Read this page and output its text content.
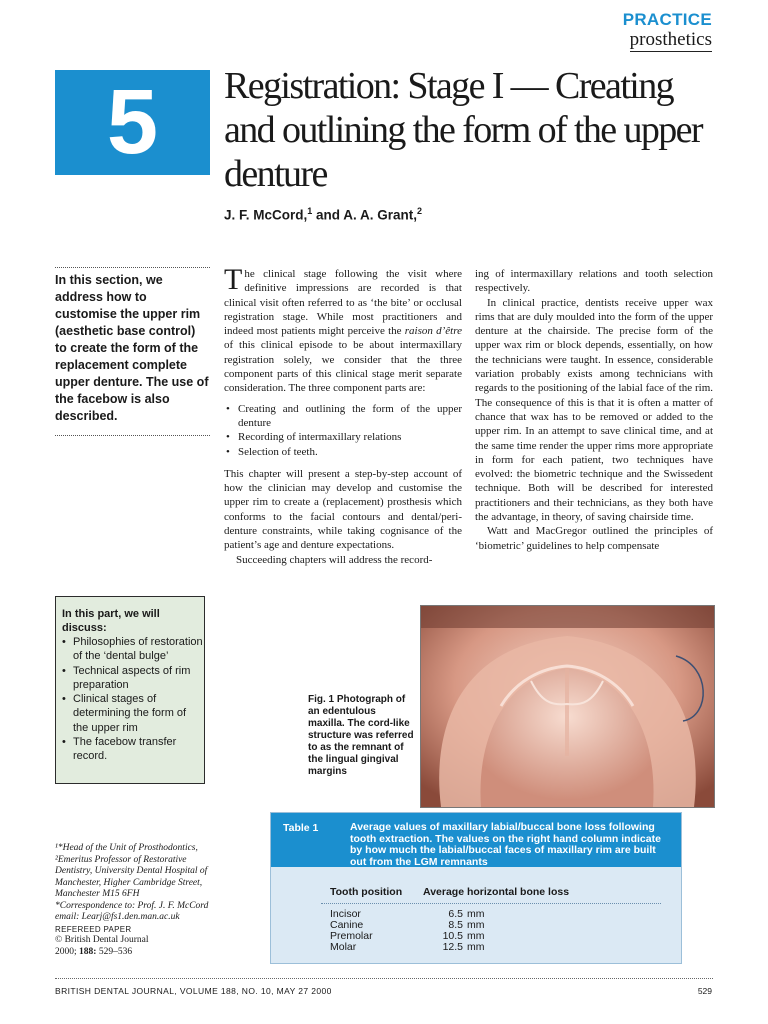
PRACTICE
prosthetics
5 Registration: Stage I — Creating and outlining the form of the upper denture
J. F. McCord,$^1$ and A. A. Grant,$^2$
In this section, we address how to customise the upper rim (aesthetic base control) to create the form of the replacement complete upper denture. The use of the facebow is also described.

The clinical stage following the visit where definitive impressions are recorded is that clinical visit often referred to as ‘the bite’ or occlusal registration stage. While most practitioners and indeed most patients might perceive the raison d’être of this clinical episode to be about intermaxillary registration solely, we consider that the three component parts of this clinical stage merit separate consideration. The three component parts are:

• Creating and outlining the form of the upper denture
• Recording of intermaxillary relations
• Selection of teeth.

This chapter will present a step-by-step account of how the clinician may develop and customise the upper rim to create a (replacement) prosthesis which conforms to the facial contours and dental/peri-denture constraints, while taking cognisance of the patient’s age and denture expectations.

Succeeding chapters will address the record-

ing of intermaxillary relations and tooth selection respectively.

In clinical practice, dentists receive upper wax rims that are duly moulded into the form of the upper denture at the chairside. The precise form of the upper wax rim or block depends, essentially, on how the technicians were taught. In essence, considerable variation probably exists among technicians with regards to the positioning of the labial face of the rim. The consequence of this is that it is often a matter of chance that wax has to be removed or added to the upper rim. In an attempt to save clinical time, and at the same time render the upper rims more appropriate in form for each patient, two techniques have evolved: the biometric technique and the Swissedent technique. Both will be described for interested practitioners and their technicians, as they both have the advantage, in theory, of saving chairside time.

Watt and MacGregor outlined the principles of ‘biometric’ guidelines to help compensate

In this part, we will discuss:
• Philosophies of restoration of the ‘dental bulge’
• Technical aspects of rim preparation
• Clinical stages of determining the form of the upper rim
• The facebow transfer record.
Fig. 1 Photograph of an edentulous maxilla. The cord-like structure was referred to as the remnant of the lingual gingival margins
Table 1	Average values of maxillary labial/buccal bone loss following tooth extraction. The values on the right hand column indicate by how much the labial/buccal faces of maxillary rim are built out from the LGM remnants
Tooth position Average horizontal bone loss
Incisor	6.5 mm
Canine	8.5 mm
Premolar	10.5 mm
Molar	12.5 mm
¹*Head of the Unit of Prosthodontics, ²Emeritus Professor of Restorative Dentistry, University Dental Hospital of Manchester, Higher Cambridge Street, Manchester M15 6FH
*Correspondence to: Prof. J. F. McCord email: Learj@fs1.den.man.ac.uk
REFEREED PAPER
© British Dental Journal
2000; 188: 529–536
BRITISH DENTAL JOURNAL, VOLUME 188, NO. 10, MAY 27 2000	529
